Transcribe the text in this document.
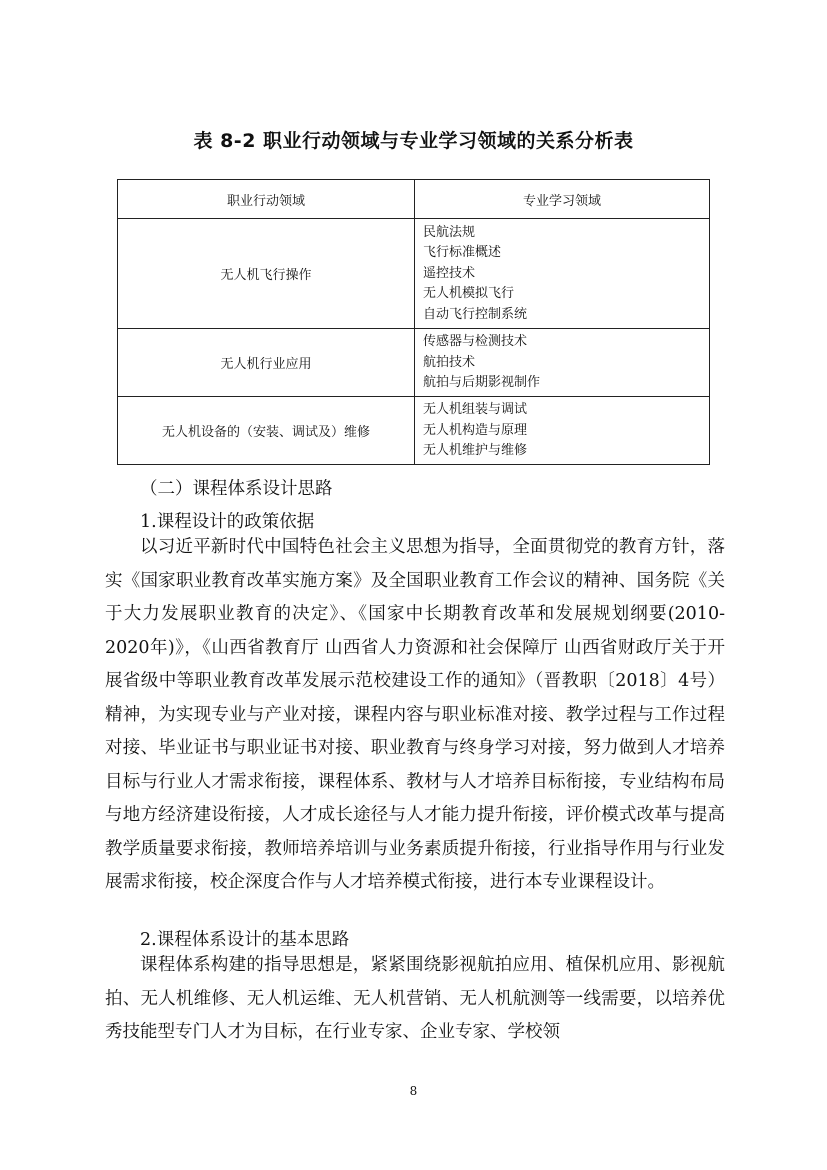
表 8-2 职业行动领域与专业学习领域的关系分析表
职业行动领域	专业学习领域
无人机飞行操作	民航法规
飞行标准概述
遥控技术
无人机模拟飞行
自动飞行控制系统

无人机行业应用	传感器与检测技术
航拍技术
航拍与后期影视制作

无人机设备的（安装、调试及）维修	无人机组装与调试
无人机构造与原理
无人机维护与维修
（二）课程体系设计思路
1.课程设计的政策依据
以习近平新时代中国特色社会主义思想为指导，全面贯彻党的教育方针，落实《国家职业教育改革实施方案》及全国职业教育工作会议的精神、国务院《关于大力发展职业教育的决定》、《国家中长期教育改革和发展规划纲要(2010-2020年)》，《山西省教育厅 山西省人力资源和社会保障厅 山西省财政厅关于开展省级中等职业教育改革发展示范校建设工作的通知》（晋教职〔2018〕4号）精神，为实现专业与产业对接，课程内容与职业标准对接、教学过程与工作过程对接、毕业证书与职业证书对接、职业教育与终身学习对接，努力做到人才培养目标与行业人才需求衔接，课程体系、教材与人才培养目标衔接，专业结构布局与地方经济建设衔接，人才成长途径与人才能力提升衔接，评价模式改革与提高教学质量要求衔接，教师培养培训与业务素质提升衔接，行业指导作用与行业发展需求衔接，校企深度合作与人才培养模式衔接，进行本专业课程设计。
2.课程体系设计的基本思路
课程体系构建的指导思想是，紧紧围绕影视航拍应用、植保机应用、影视航拍、无人机维修、无人机运维、无人机营销、无人机航测等一线需要，以培养优秀技能型专门人才为目标，在行业专家、企业专家、学校领
8
